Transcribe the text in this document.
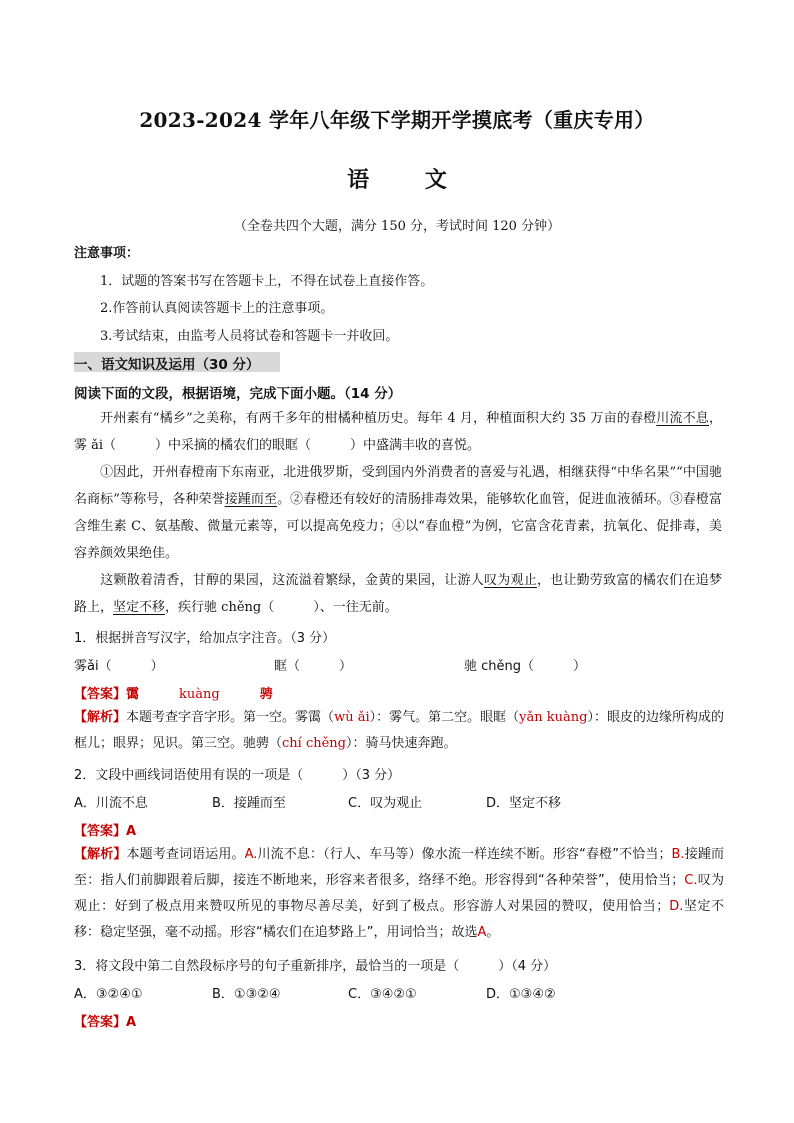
2023-2024 学年八年级下学期开学摸底考（重庆专用）
语 文
（全卷共四个大题，满分 150 分，考试时间 120 分钟）
注意事项：
1．试题的答案书写在答题卡上，不得在试卷上直接作答。
2.作答前认真阅读答题卡上的注意事项。
3.考试结束，由监考人员将试卷和答题卡一并收回。
一、语文知识及运用（30 分）
阅读下面的文段，根据语境，完成下面小题。（14 分）
开州素有“橘乡”之美称，有两千多年的柑橘种植历史。每年 4 月，种植面积大约 35 万亩的春橙川流不息，雾 ǎi（　　　）中采摘的橘农们的眼眶（　　　）中盛满丰收的喜悦。
①因此，开州春橙南下东南亚，北进俄罗斯，受到国内外消费者的喜爱与礼遇，相继获得“中华名果”“中国驰名商标”等称号，各种荣誉接踵而至。②春橙还有较好的清肠排毒效果，能够软化血管，促进血液循环。③春橙富含维生素 C、氨基酸、微量元素等，可以提高免疫力；④以“春血橙”为例，它富含花青素，抗氧化、促排毒，美容养颜效果绝佳。
这颗散着清香，甘醇的果园，这流溢着繁绿，金黄的果园，让游人叹为观止，也让勤劳致富的橘农们在追梦路上，坚定不移，疾行驰 chěng（　　　）、一往无前。
1．根据拼音写汉字，给加点字注音。（3 分）
雾ǎi（　　　）	眶（　　　）	驰 chěng（　　　）
【答案】霭	kuàng	骋
【解析】本题考查字音字形。第一空。雾霭（wù ǎi）：雾气。第二空。眼眶（yǎn kuàng）：眼皮的边缘所构成的框儿；眼界；见识。第三空。驰骋（chí chěng）：骑马快速奔跑。
2．文段中画线词语使用有误的一项是（　　　）（3 分）
A．川流不息	B．接踵而至	C．叹为观止	D．坚定不移
【答案】A
【解析】本题考查词语运用。A.川流不息：（行人、车马等）像水流一样连续不断。形容“春橙”不恰当；B.接踵而至：指人们前脚跟着后脚，接连不断地来，形容来者很多，络绎不绝。形容得到“各种荣誉”，使用恰当；C.叹为观止：好到了极点用来赞叹所见的事物尽善尽美，好到了极点。形容游人对果园的赞叹，使用恰当；D.坚定不移：稳定坚强，毫不动摇。形容“橘农们在追梦路上”，用词恰当；故选A。
3．将文段中第二自然段标序号的句子重新排序，最恰当的一项是（　　　）（4 分）
A．③②④①	B．①③②④	C．③④②①	D．①③④②
【答案】A
